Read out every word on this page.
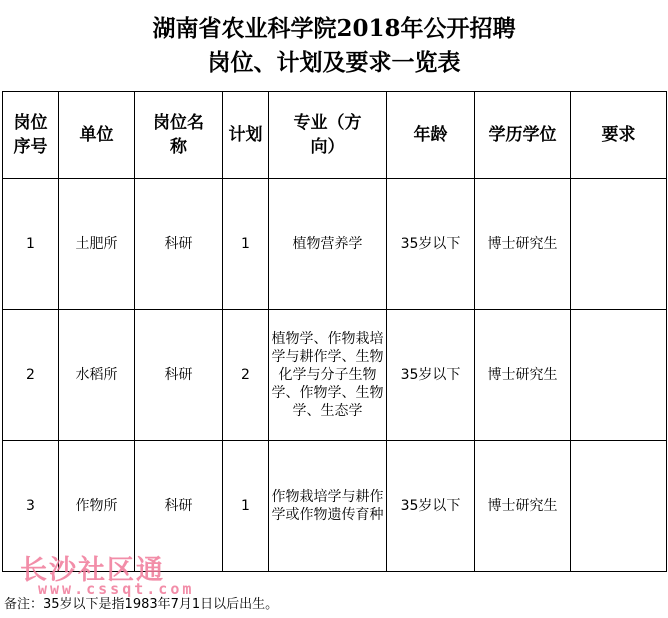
湖南省农业科学院2018年公开招聘
岗位、计划及要求一览表
岗位序号	单位	岗位名称	计划	专业（方向）	年龄	学历学位	要求
1	土肥所	科研	1	植物营养学	35岁以下	博士研究生	
2	水稻所	科研	2	植物学、作物栽培学与耕作学、生物化学与分子生物学、作物学、生物学、生态学	35岁以下	博士研究生	
3	作物所	科研	1	作物栽培学与耕作学或作物遗传育种	35岁以下	博士研究生	
长沙社区通
www.cssqt.com
备注：35岁以下是指1983年7月1日以后出生。
